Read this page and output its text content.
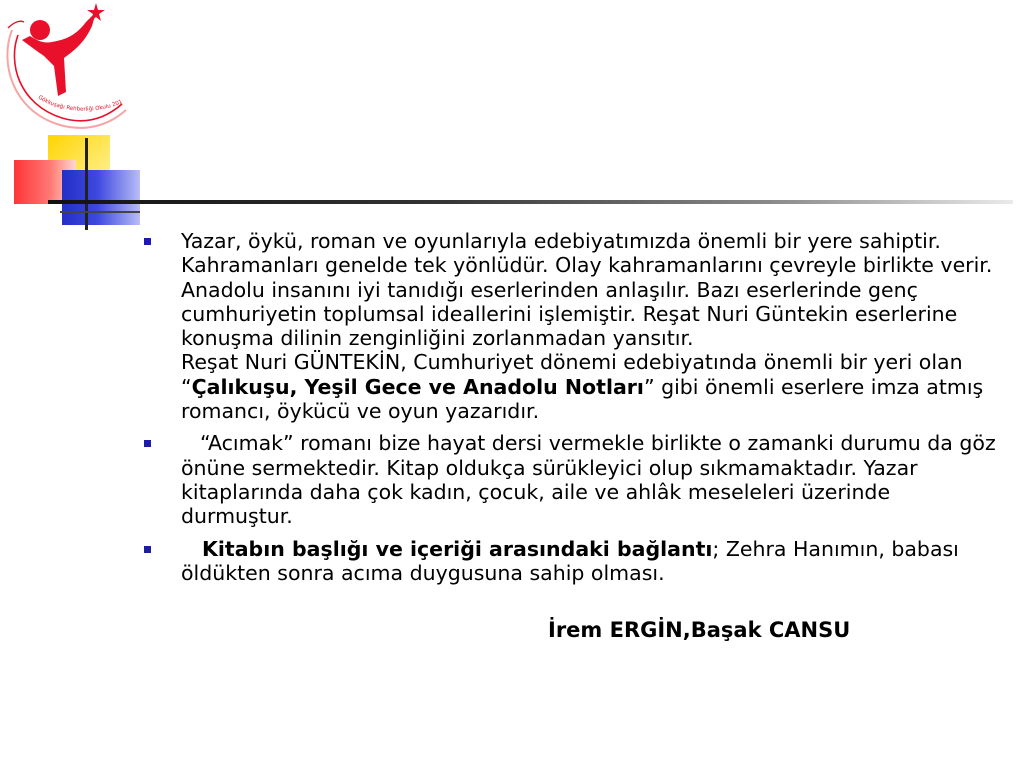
Gökkuşağı Rehberliği Okulu 201

Yazar, öykü, roman ve oyunlarıyla edebiyatımızda önemli bir yere sahiptir. Kahramanları genelde tek yönlüdür. Olay kahramanlarını çevreyle birlikte verir.

Anadolu insanını iyi tanıdığı eserlerinden anlaşılır. Bazı eserlerinde genç cumhuriyetin toplumsal ideallerini işlemiştir. Reşat Nuri Güntekin eserlerine konuşma dilinin zenginliğini zorlanmadan yansıtır.

Reşat Nuri GÜNTEKİN, Cumhuriyet dönemi edebiyatında önemli bir yeri olan “Çalıkuşu, Yeşil Gece ve Anadolu Notları” gibi önemli eserlere imza atmış romancı, öykücü ve oyun yazarıdır.

“Acımak” romanı bize hayat dersi vermekle birlikte o zamanki durumu da göz önüne sermektedir. Kitap oldukça sürükleyici olup sıkmamaktadır. Yazar kitaplarında daha çok kadın, çocuk, aile ve ahlâk meseleleri üzerinde durmuştur.

Kitabın başlığı ve içeriği arasındaki bağlantı; Zehra Hanımın, babası öldükten sonra acıma duygusuna sahip olması.

İrem ERGİN,Başak CANSU
